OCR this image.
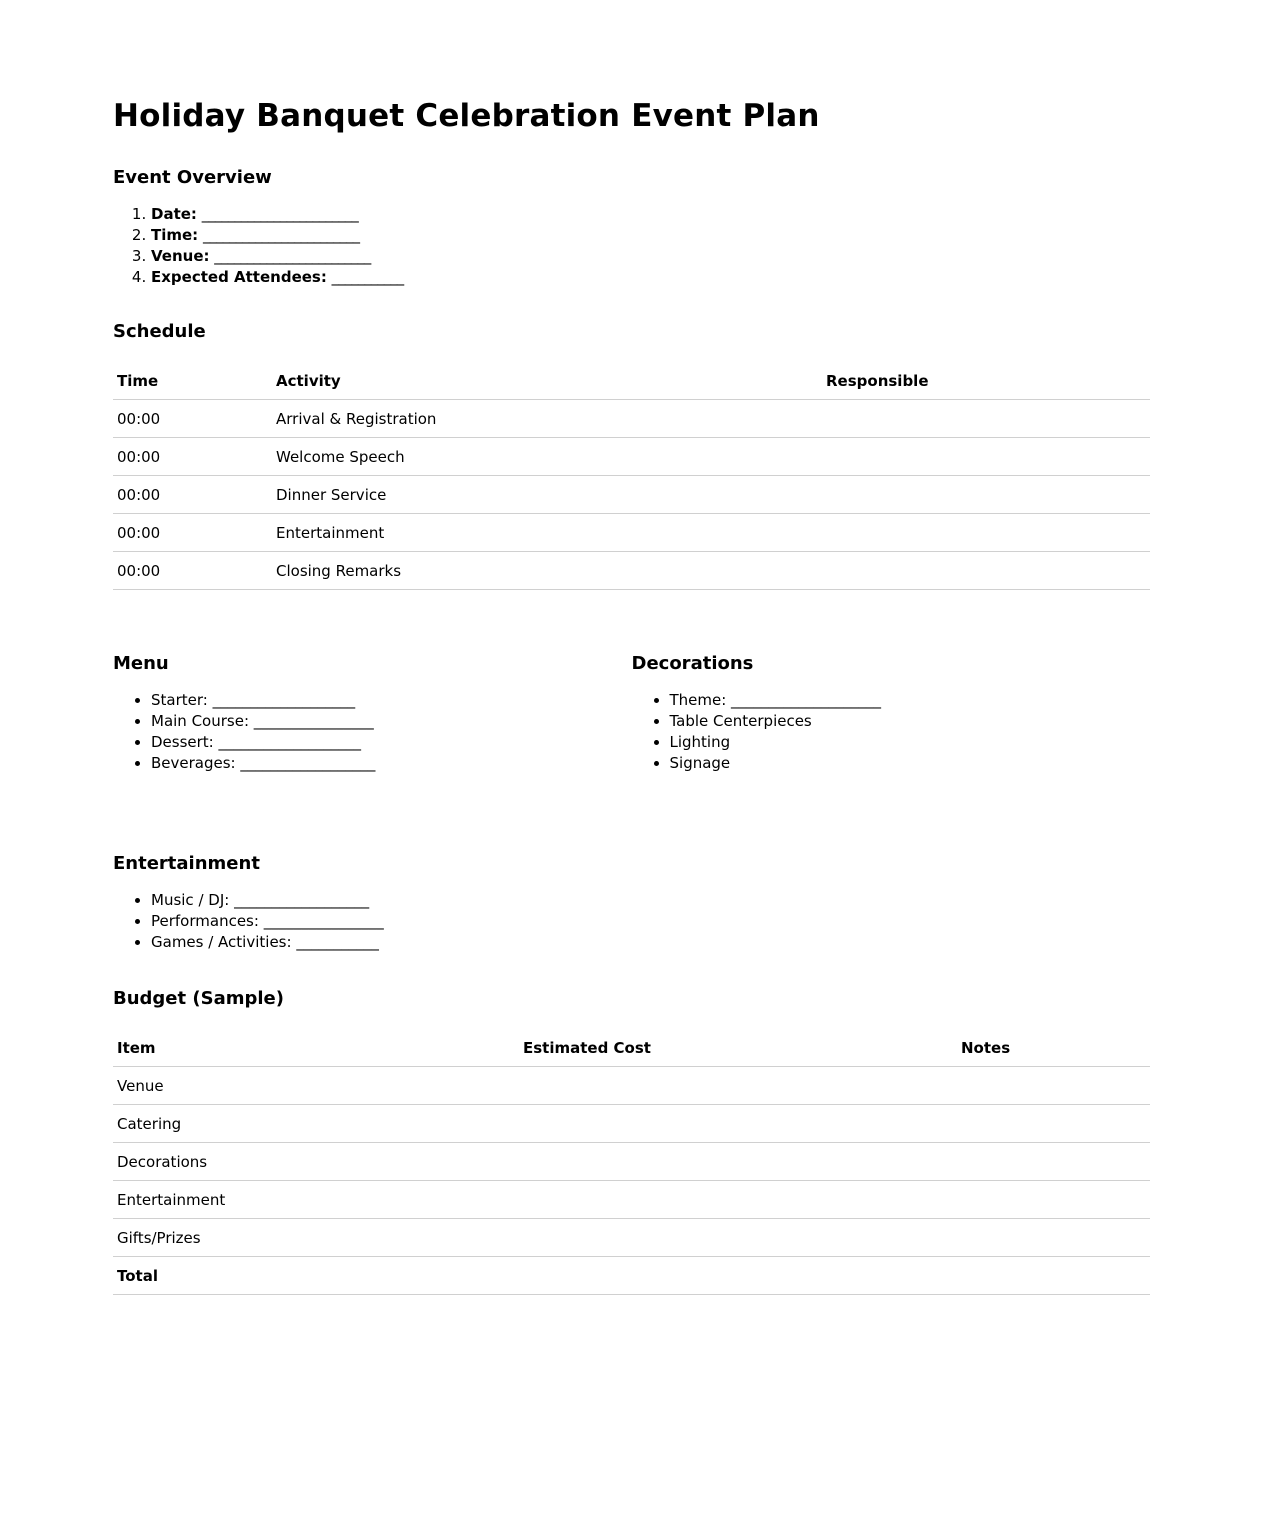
Holiday Banquet Celebration Event Plan
Event Overview
1. Date: ________________________
2. Time: ________________________
3. Venue: ________________________
4. Expected Attendees: ___________
Schedule
Time	Activity	Responsible
00:00	Arrival & Registration	
00:00	Welcome Speech	
00:00	Dinner Service	
00:00	Entertainment	
00:00	Closing Remarks	
Menu
• Starter: ___________________
• Main Course: ________________
• Dessert: ___________________
• Beverages: __________________
Decorations
• Theme: ____________________
• Table Centerpieces
• Lighting
• Signage
Entertainment
• Music / DJ: __________________
• Performances: ________________
• Games / Activities: ___________
Budget (Sample)
Item	Estimated Cost	Notes
Venue		
Catering		
Decorations		
Entertainment		
Gifts/Prizes		
Total		
